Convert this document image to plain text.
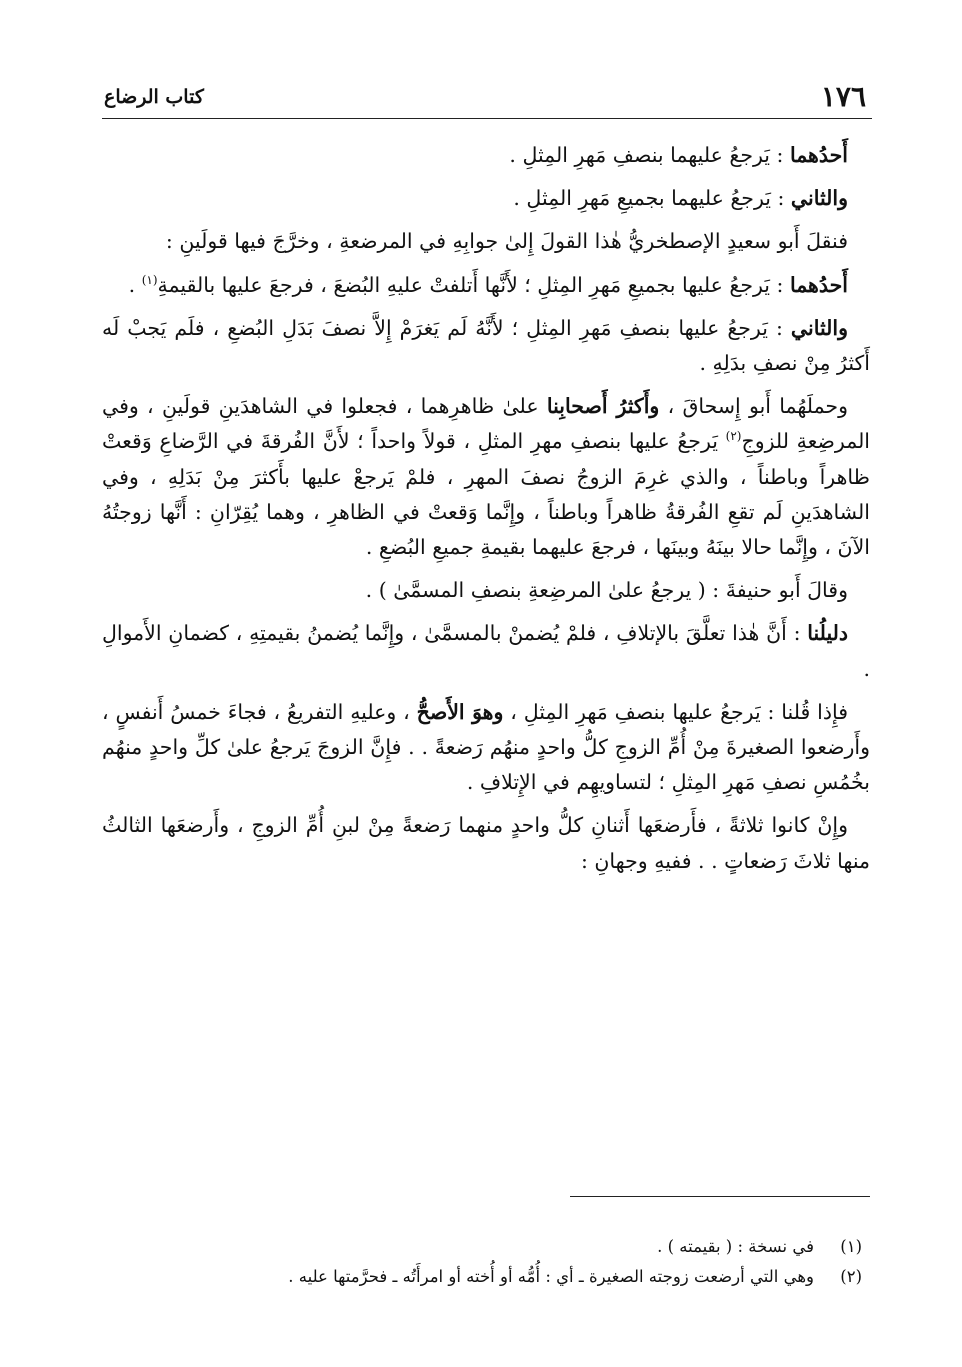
١٧٦
كتاب الرضاع

أَحدُهما : يَرجعُ عليهما بنصفِ مَهرِ المِثلِ .

والثاني : يَرجعُ عليهما بجميعِ مَهرِ المِثلِ .

فنقلَ أَبو سعيدٍ الإصطخريُّ هٰذا القولَ إِلىٰ جوابِهِ في المرضعةِ ، وخرَّجَ فيها قولَينِ :

أَحدُهما : يَرجعُ عليها بجميعِ مَهرِ المِثلِ ؛ لأَنَّها أَتلفتْ عليهِ البُضعَ ، فرجعَ عليها بالقيمةِ$^{(١)}$ .

والثاني : يَرجعُ عليها بنصفِ مَهرِ المِثلِ ؛ لأَنَّهُ لَم يَغرَمْ إِلاَّ نصفَ بَدَلِ البُضعِ ، فلَم يَجبْ لَه أَكثرُ مِنْ نصفِ بدَلِهِ .

وحملَهُما أَبو إِسحاقَ ، وأَكثرُ أَصحابِنا علىٰ ظاهرِهما ، فجعلوا في الشاهدَينِ قولَينِ ، وفي المرضِعةِ للزوجِ$^{(٢)}$ يَرجعُ عليها بنصفِ مهرِ المثلِ ، قولاً واحداً ؛ لأَنَّ الفُرقةَ في الرَّضاعِ وَقعتْ ظاهراً وباطناً ، والذي غرِمَ الزوجُ نصفَ المهرِ ، فلمْ يَرجعْ عليها بأَكثرَ مِنْ بَدَلِهِ ، وفي الشاهدَينِ لَم تقعِ الفُرقةُ ظاهراً وباطناً ، وإِنَّما وَقعتْ في الظاهرِ ، وهما يُقِرّانِ : أَنَّها زوجتُهُ الآنَ ، وإِنَّما حالا بينَهُ وبينَها ، فرجعَ عليهما بقيمةِ جميعِ البُضعِ .

وقالَ أَبو حنيفةَ : ( يرجعُ علىٰ المرضِعةِ بنصفِ المسمَّىٰ ) .

دليلُنا : أَنَّ هٰذا تعلَّقَ بالإتلافِ ، فلمْ يُضمنْ بالمسمَّىٰ ، وإِنَّما يُضمنُ بقيمتِهِ ، كضمانِ الأَموالِ .

فإِذا قُلنا : يَرجعُ عليها بنصفِ مَهرِ المِثلِ ، وهوَ الأَصحُّ ، وعليهِ التفريعُ ، فجاءَ خمسُ أَنفسٍ ، وأَرضعوا الصغيرةَ مِنْ أُمِّ الزوجِ كلُّ واحدٍ منهُم رَضعةً . . فإِنَّ الزوجَ يَرجعُ علىٰ كلِّ واحدٍ منهُم بخُمُسِ نصفِ مَهرِ المِثلِ ؛ لتساويهِم في الإِتلافِ .

وإِنْ كانوا ثلاثةً ، فأَرضعَها أَثنانِ كلُّ واحدٍ منهما رَضعةً مِنْ لبنِ أُمِّ الزوجِ ، وأَرضعَها الثالثُ منها ثلاثَ رَضعاتٍ . . ففيهِ وجهانِ :

(١)
في نسخة : ( بقيمته ) .
(٢)
وهي التي أرضعت زوجته الصغيرة ـ أي : أُمُّه أو أُخته أو امرأَتُه ـ فحرَّمتها عليه .
